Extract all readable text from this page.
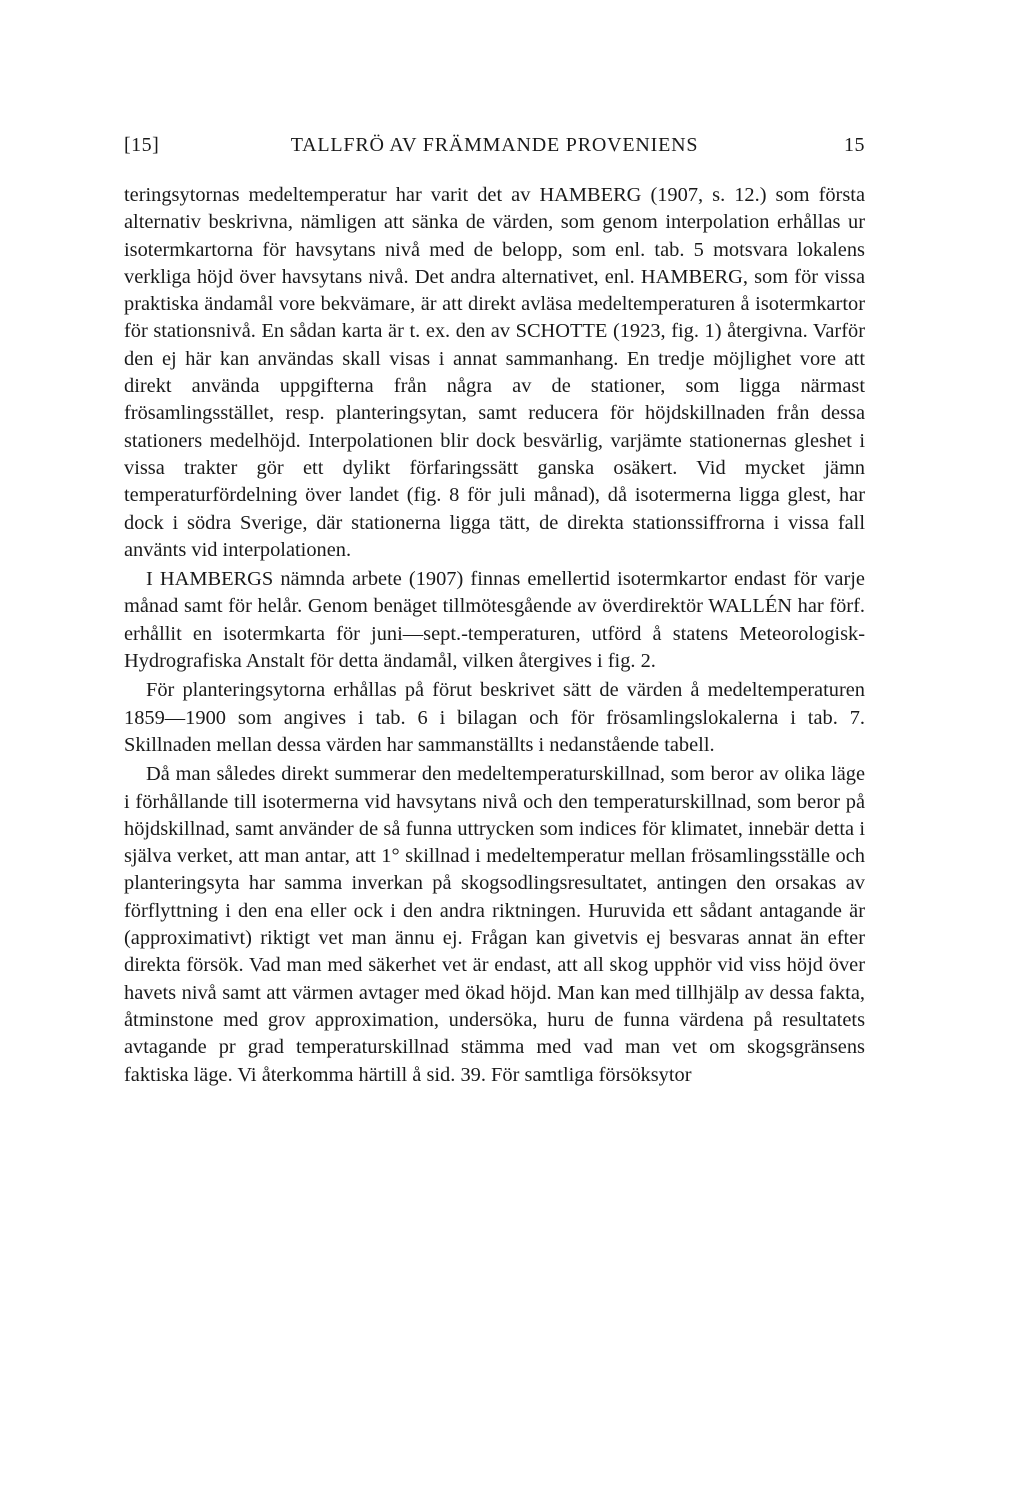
[15]	TALLFRÖ AV FRÄMMANDE PROVENIENS	15

teringsytornas medeltemperatur har varit det av HAMBERG (1907, s. 12.) som första alternativ beskrivna, nämligen att sänka de värden, som genom interpolation erhållas ur isotermkartorna för havsytans nivå med de belopp, som enl. tab. 5 motsvara lokalens verkliga höjd över havsytans nivå. Det andra alternativet, enl. HAMBERG, som för vissa praktiska ändamål vore bekvämare, är att direkt avläsa medeltemperaturen å isotermkartor för stationsnivå. En sådan karta är t. ex. den av SCHOTTE (1923, fig. 1) återgivna. Varför den ej här kan användas skall visas i annat sammanhang. En tredje möjlighet vore att direkt använda uppgifterna från några av de stationer, som ligga närmast frösamlingsstället, resp. planteringsytan, samt reducera för höjdskillnaden från dessa stationers medelhöjd. Interpolationen blir dock besvärlig, varjämte stationernas gleshet i vissa trakter gör ett dylikt förfaringssätt ganska osäkert. Vid mycket jämn temperaturfördelning över landet (fig. 8 för juli månad), då isotermerna ligga glest, har dock i södra Sverige, där stationerna ligga tätt, de direkta stationssiffrorna i vissa fall använts vid interpolationen.

I HAMBERGS nämnda arbete (1907) finnas emellertid isotermkartor endast för varje månad samt för helår. Genom benäget tillmötesgående av överdirektör WALLÉN har förf. erhållit en isotermkarta för juni—sept.-temperaturen, utförd å statens Meteorologisk-Hydrografiska Anstalt för detta ändamål, vilken återgives i fig. 2.

För planteringsytorna erhållas på förut beskrivet sätt de värden å medeltemperaturen 1859—1900 som angives i tab. 6 i bilagan och för frösamlingslokalerna i tab. 7. Skillnaden mellan dessa värden har sammanställts i nedanstående tabell.

Då man således direkt summerar den medeltemperaturskillnad, som beror av olika läge i förhållande till isotermerna vid havsytans nivå och den temperaturskillnad, som beror på höjdskillnad, samt använder de så funna uttrycken som indices för klimatet, innebär detta i själva verket, att man antar, att 1° skillnad i medeltemperatur mellan frösamlingsställe och planteringsyta har samma inverkan på skogsodlingsresultatet, antingen den orsakas av förflyttning i den ena eller ock i den andra riktningen. Huruvida ett sådant antagande är (approximativt) riktigt vet man ännu ej. Frågan kan givetvis ej besvaras annat än efter direkta försök. Vad man med säkerhet vet är endast, att all skog upphör vid viss höjd över havets nivå samt att värmen avtager med ökad höjd. Man kan med tillhjälp av dessa fakta, åtminstone med grov approximation, undersöka, huru de funna värdena på resultatets avtagande pr grad temperaturskillnad stämma med vad man vet om skogsgränsens faktiska läge. Vi återkomma härtill å sid. 39. För samtliga försöksytor
